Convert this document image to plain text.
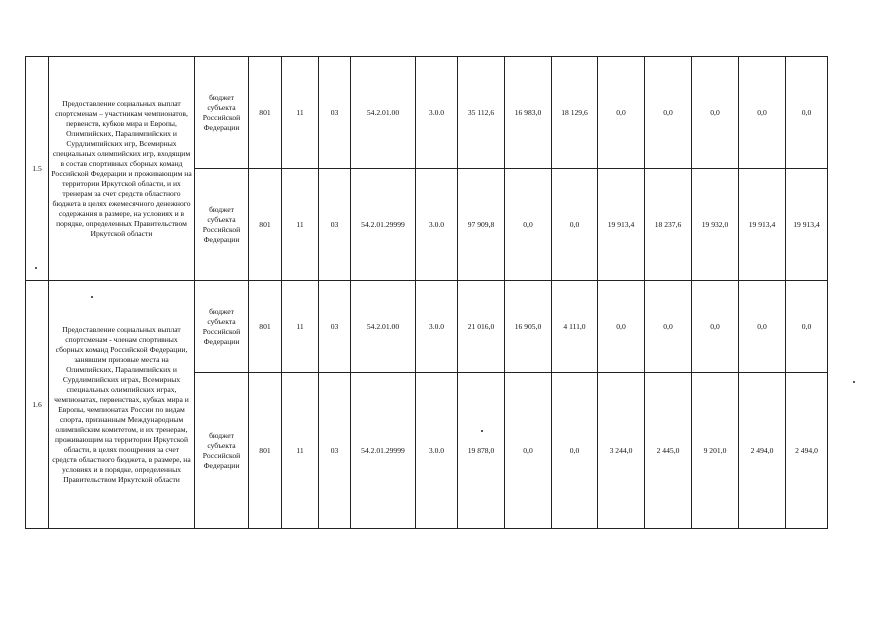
1.5	Предоставление социальных выплат спортсменам – участникам чемпионатов, первенств, кубков мира и Европы, Олимпийских, Паралимпийских и Сурдлимпийских игр, Всемирных специальных олимпийских игр, входящим в состав спортивных сборных команд Российской Федерации и проживающим на территории Иркутской области, и их тренерам за счет средств областного бюджета в целях ежемесячного денежного содержания в размере, на условиях и в порядке, определенных Правительством Иркутской области	бюджет субъекта Российской Федерации	801	11	03	54.2.01.00	3.0.0	35 112,6	16 983,0	18 129,6	0,0	0,0	0,0	0,0	0,0
		бюджет субъекта Российской Федерации	801	11	03	54.2.01.29999	3.0.0	97 909,8	0,0	0,0	19 913,4	18 237,6	19 932,0	19 913,4	19 913,4
1.6	Предоставление социальных выплат спортсменам - членам спортивных сборных команд Российской Федерации, занявшим призовые места на Олимпийских, Паралимпийских и Сурдлимпийских играх, Всемирных специальных олимпийских играх, чемпионатах, первенствах, кубках мира и Европы, чемпионатах России по видам спорта, признанным Международным олимпийским комитетом, и их тренерам, проживающим на территории Иркутской области, в целях поощрения за счет средств областного бюджета, в размере, на условиях и в порядке, определенных Правительством Иркутской области	бюджет субъекта Российской Федерации	801	11	03	54.2.01.00	3.0.0	21 016,0	16 905,0	4 111,0	0,0	0,0	0,0	0,0	0,0
		бюджет субъекта Российской Федерации	801	11	03	54.2.01.29999	3.0.0	19 878,0	0,0	0,0	3 244,0	2 445,0	9 201,0	2 494,0	2 494,0
